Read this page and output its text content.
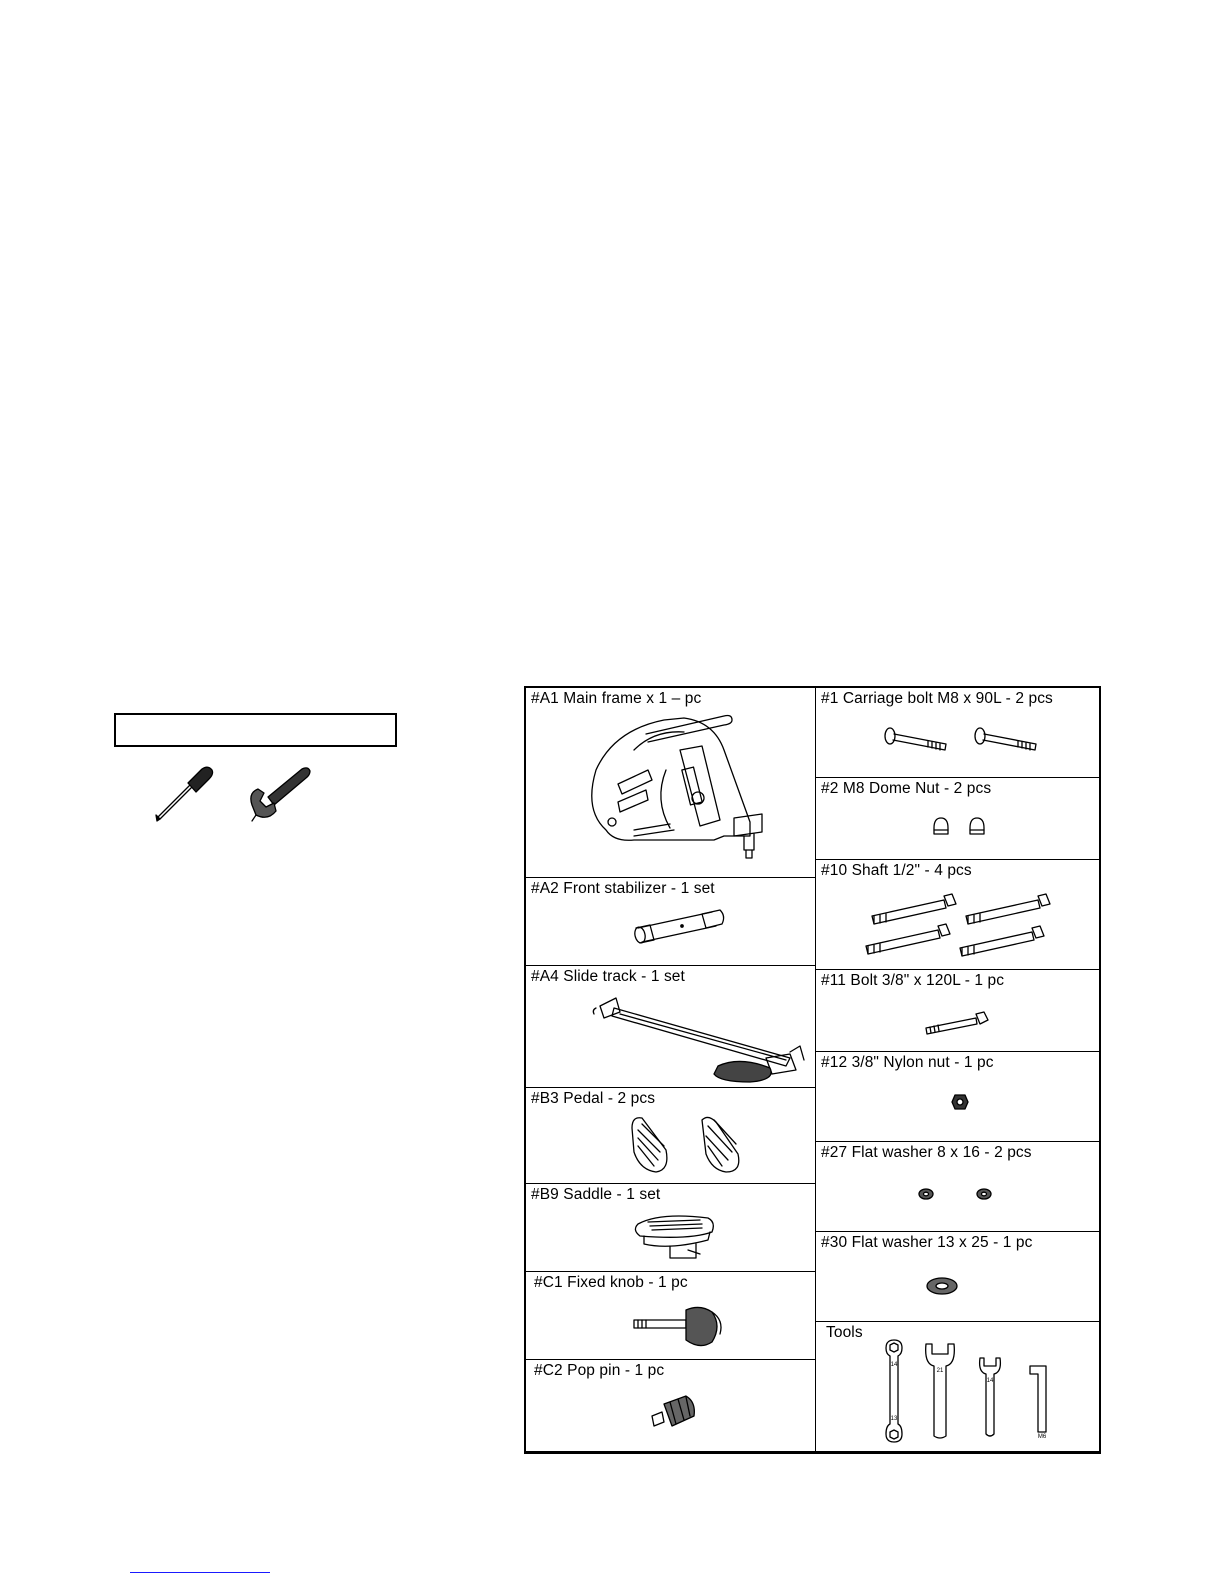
#A1 Main frame x 1 – pc
#A2 Front stabilizer - 1 set
#A4 Slide track - 1 set
#B3 Pedal - 2 pcs
#B9 Saddle - 1 set
#C1 Fixed knob - 1 pc
#C2 Pop pin - 1 pc
#1 Carriage bolt M8 x 90L - 2 pcs
#2 M8 Dome Nut - 2 pcs
#10 Shaft 1/2" - 4 pcs
#11 Bolt 3/8" x 120L - 1 pc
#12 3/8" Nylon nut - 1 pc
#27 Flat washer 8 x 16 - 2 pcs
#30 Flat washer 13 x 25 - 1 pc
Tools
14
13
21
14
M6
